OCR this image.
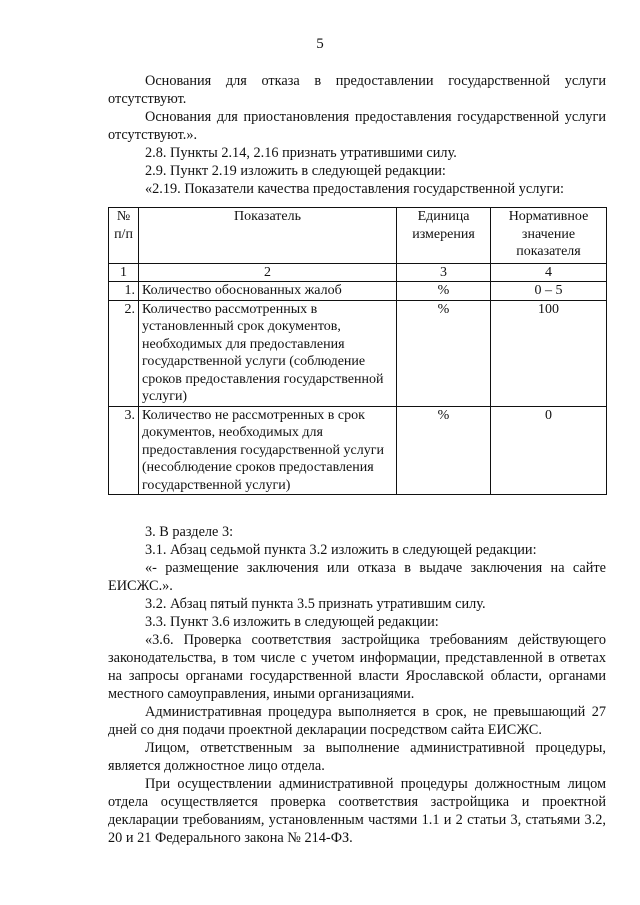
5

Основания для отказа в предоставлении государственной услуги отсутствуют.

Основания для приостановления предоставления государственной услуги отсутствуют.».

2.8. Пункты 2.14, 2.16 признать утратившими силу.

2.9. Пункт 2.19 изложить в следующей редакции:

«2.19. Показатели качества предоставления государственной услуги:

№ п/п	Показатель	Единица измерения	Нормативное значение показателя
1	2	3	4
1.	Количество обоснованных жалоб	%	0 – 5
2.	Количество рассмотренных в установленный срок документов, необходимых для предоставления государственной услуги (соблюдение сроков предоставления государственной услуги)	%	100
3.	Количество не рассмотренных в срок документов, необходимых для предоставления государственной услуги (несоблюдение сроков предоставления государственной услуги)	%	0

3. В разделе 3:

3.1. Абзац седьмой пункта 3.2 изложить в следующей редакции:

«- размещение заключения или отказа в выдаче заключения на сайте ЕИСЖС.».

3.2. Абзац пятый пункта 3.5 признать утратившим силу.

3.3. Пункт 3.6 изложить в следующей редакции:

«3.6. Проверка соответствия застройщика требованиям действующего законодательства, в том числе с учетом информации, представленной в ответах на запросы органами государственной власти Ярославской области, органами местного самоуправления, иными организациями.

Административная процедура выполняется в срок, не превышающий 27 дней со дня подачи проектной декларации посредством сайта ЕИСЖС.

Лицом, ответственным за выполнение административной процедуры, является должностное лицо отдела.

При осуществлении административной процедуры должностным лицом отдела осуществляется проверка соответствия застройщика и проектной декларации требованиям, установленным частями 1.1 и 2 статьи 3, статьями 3.2, 20 и 21 Федерального закона № 214-ФЗ.
